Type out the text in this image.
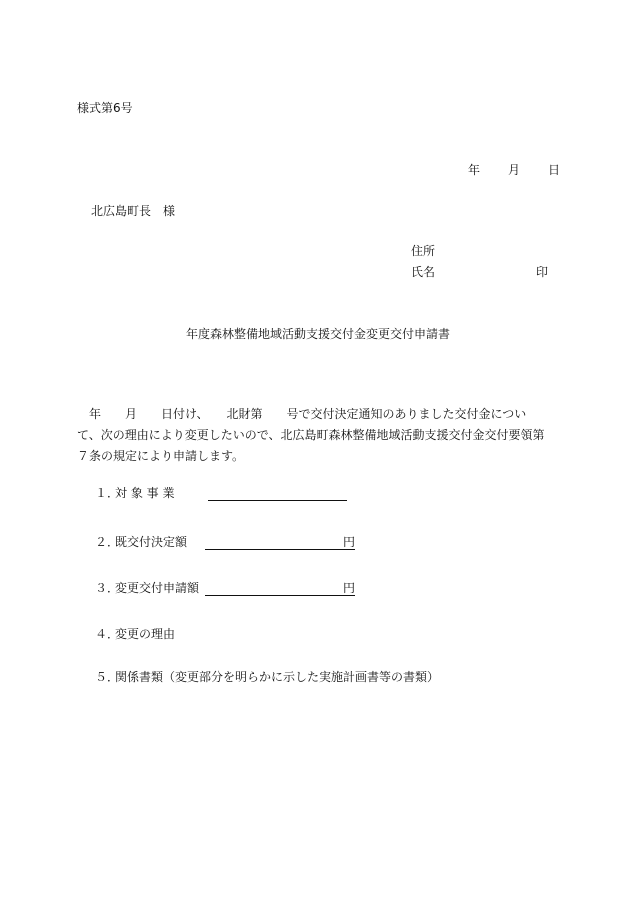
様式第6号
年 月 日
北広島町長　様
住所
氏名	印
年度森林整備地域活動支援交付金変更交付申請書

　年　　月　　日付け、　　北財第　　号で交付決定通知のありました交付金につい

て、次の理由により変更したいので、北広島町森林整備地域活動支援交付金交付要領第

７条の規定により申請します。

１．対 象 事 業
２．既交付決定額	円
３．変更交付申請額	円
４．変更の理由
５．関係書類（変更部分を明らかに示した実施計画書等の書類）
